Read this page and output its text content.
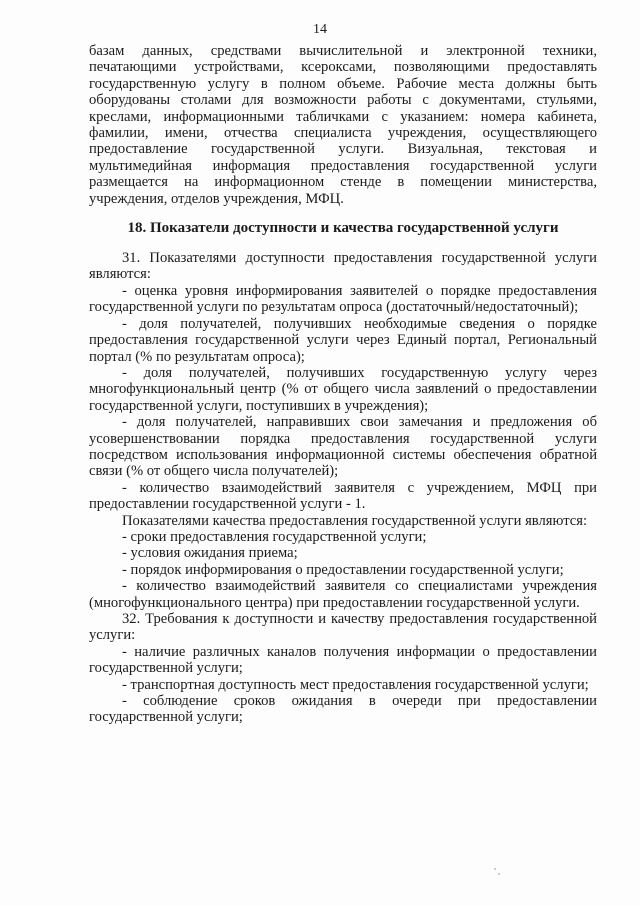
14

базам данных, средствами вычислительной и электронной техники, печатающими устройствами, ксероксами, позволяющими предоставлять государственную услугу в полном объеме. Рабочие места должны быть оборудованы столами для возможности работы с документами, стульями, креслами, информационными табличками с указанием: номера кабинета, фамилии, имени, отчества специалиста учреждения, осуществляющего предоставление государственной услуги. Визуальная, текстовая и мультимедийная информация предоставления государственной услуги размещается на информационном стенде в помещении министерства, учреждения, отделов учреждения, МФЦ.

18. Показатели доступности и качества государственной услуги

31. Показателями доступности предоставления государственной услуги являются:

- оценка уровня информирования заявителей о порядке предоставления государственной услуги по результатам опроса (достаточный/недостаточный);

- доля получателей, получивших необходимые сведения о порядке предоставления государственной услуги через Единый портал, Региональный портал (% по результатам опроса);

- доля получателей, получивших государственную услугу через многофункциональный центр (% от общего числа заявлений о предоставлении государственной услуги, поступивших в учреждения);

- доля получателей, направивших свои замечания и предложения об усовершенствовании порядка предоставления государственной услуги посредством использования информационной системы обеспечения обратной связи (% от общего числа получателей);

- количество взаимодействий заявителя с учреждением, МФЦ при предоставлении государственной услуги - 1.

Показателями качества предоставления государственной услуги являются:

- сроки предоставления государственной услуги;

- условия ожидания приема;

- порядок информирования о предоставлении государственной услуги;

- количество взаимодействий заявителя со специалистами учреждения (многофункционального центра) при предоставлении государственной услуги.

32. Требования к доступности и качеству предоставления государственной услуги:

- наличие различных каналов получения информации о предоставлении государственной услуги;

- транспортная доступность мест предоставления государственной услуги;

- соблюдение сроков ожидания в очереди при предоставлении государственной услуги;
